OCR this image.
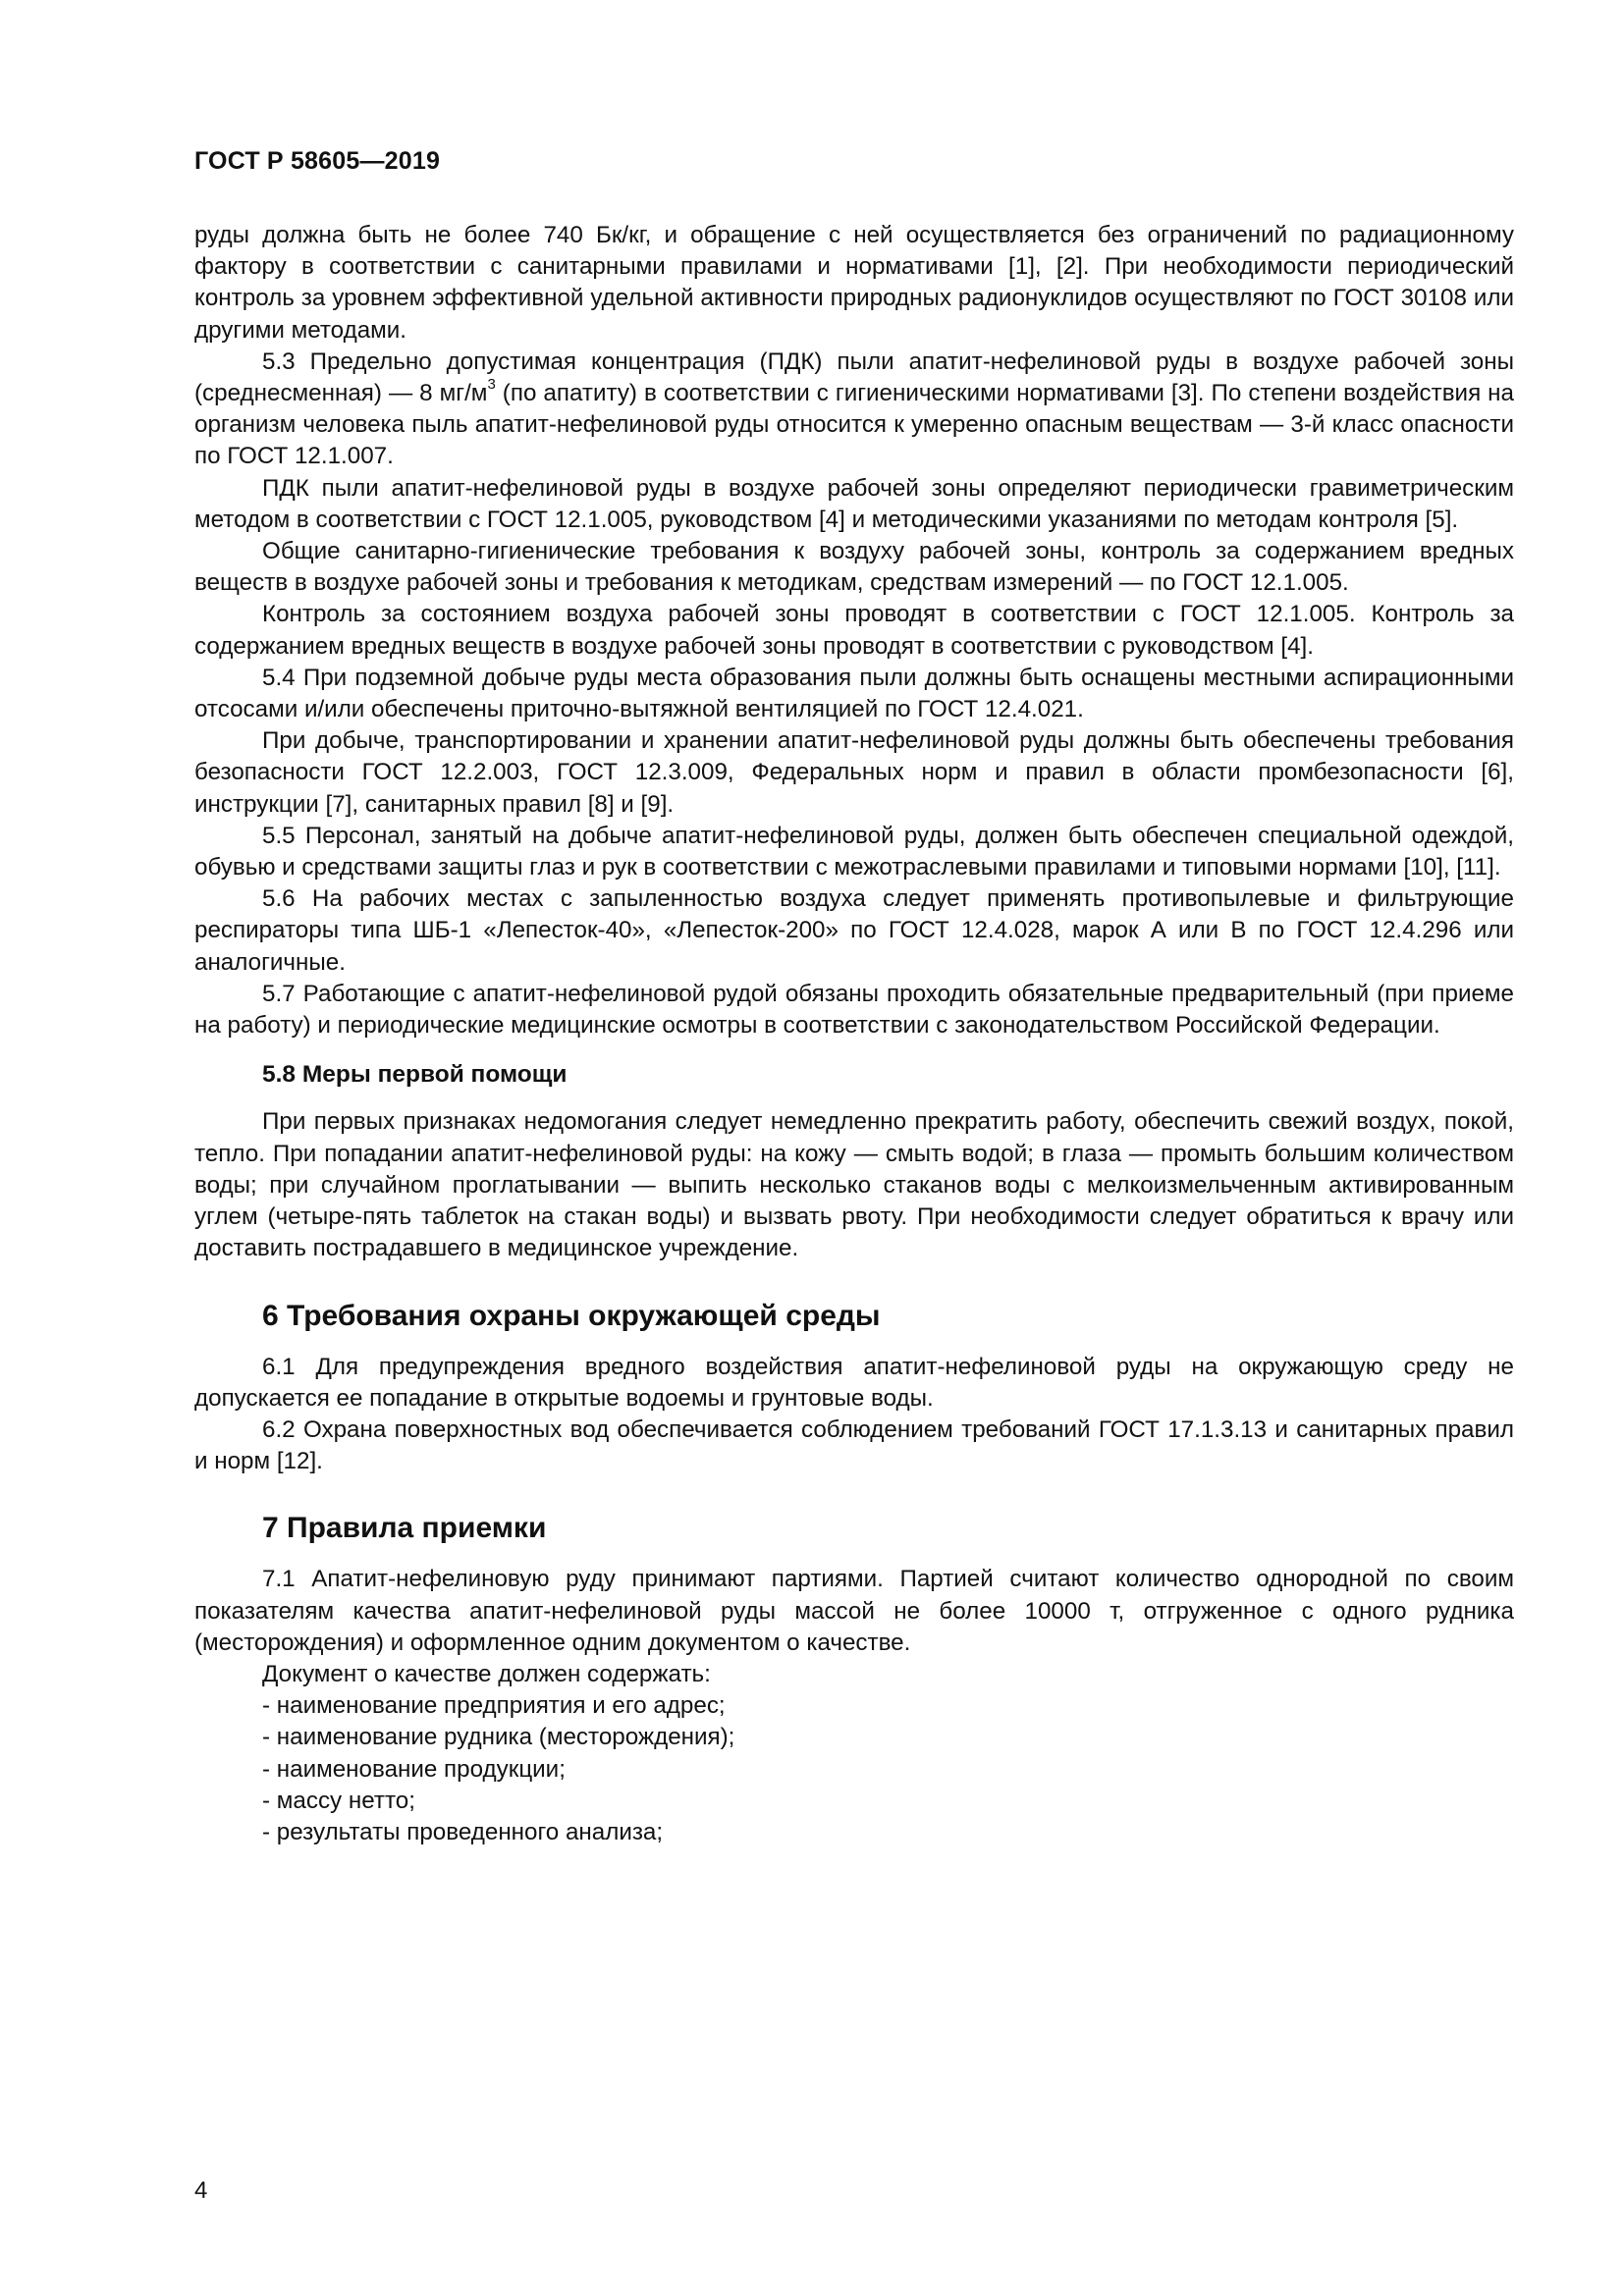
ГОСТ Р 58605—2019

руды должна быть не более 740 Бк/кг, и обращение с ней осуществляется без ограничений по радиационному фактору в соответствии с санитарными правилами и нормативами [1], [2]. При необходимости периодический контроль за уровнем эффективной удельной активности природных радионуклидов осуществляют по ГОСТ 30108 или другими методами.

5.3 Предельно допустимая концентрация (ПДК) пыли апатит-нефелиновой руды в воздухе рабочей зоны (среднесменная) — 8 $мг/м^3$ (по апатиту) в соответствии с гигиеническими нормативами [3]. По степени воздействия на организм человека пыль апатит-нефелиновой руды относится к умеренно опасным веществам — 3-й класс опасности по ГОСТ 12.1.007.

ПДК пыли апатит-нефелиновой руды в воздухе рабочей зоны определяют периодически гравиметрическим методом в соответствии с ГОСТ 12.1.005, руководством [4] и методическими указаниями по методам контроля [5].

Общие санитарно-гигиенические требования к воздуху рабочей зоны, контроль за содержанием вредных веществ в воздухе рабочей зоны и требования к методикам, средствам измерений — по ГОСТ 12.1.005.

Контроль за состоянием воздуха рабочей зоны проводят в соответствии с ГОСТ 12.1.005. Контроль за содержанием вредных веществ в воздухе рабочей зоны проводят в соответствии с руководством [4].

5.4 При подземной добыче руды места образования пыли должны быть оснащены местными аспирационными отсосами и/или обеспечены приточно-вытяжной вентиляцией по ГОСТ 12.4.021.

При добыче, транспортировании и хранении апатит-нефелиновой руды должны быть обеспечены требования безопасности ГОСТ 12.2.003, ГОСТ 12.3.009, Федеральных норм и правил в области промбезопасности [6], инструкции [7], санитарных правил [8] и [9].

5.5 Персонал, занятый на добыче апатит-нефелиновой руды, должен быть обеспечен специальной одеждой, обувью и средствами защиты глаз и рук в соответствии с межотраслевыми правилами и типовыми нормами [10], [11].

5.6 На рабочих местах с запыленностью воздуха следует применять противопылевые и фильтрующие респираторы типа ШБ-1 «Лепесток-40», «Лепесток-200» по ГОСТ 12.4.028, марок А или В по ГОСТ 12.4.296 или аналогичные.

5.7 Работающие с апатит-нефелиновой рудой обязаны проходить обязательные предварительный (при приеме на работу) и периодические медицинские осмотры в соответствии с законодательством Российской Федерации.

5.8 Меры первой помощи

При первых признаках недомогания следует немедленно прекратить работу, обеспечить свежий воздух, покой, тепло. При попадании апатит-нефелиновой руды: на кожу — смыть водой; в глаза — промыть большим количеством воды; при случайном проглатывании — выпить несколько стаканов воды с мелкоизмельченным активированным углем (четыре-пять таблеток на стакан воды) и вызвать рвоту. При необходимости следует обратиться к врачу или доставить пострадавшего в медицинское учреждение.

6 Требования охраны окружающей среды

6.1 Для предупреждения вредного воздействия апатит-нефелиновой руды на окружающую среду не допускается ее попадание в открытые водоемы и грунтовые воды.

6.2 Охрана поверхностных вод обеспечивается соблюдением требований ГОСТ 17.1.3.13 и санитарных правил и норм [12].

7 Правила приемки

7.1 Апатит-нефелиновую руду принимают партиями. Партией считают количество однородной по своим показателям качества апатит-нефелиновой руды массой не более 10000 т, отгруженное с одного рудника (месторождения) и оформленное одним документом о качестве.

Документ о качестве должен содержать:

- наименование предприятия и его адрес;

- наименование рудника (месторождения);

- наименование продукции;

- массу нетто;

- результаты проведенного анализа;

4
